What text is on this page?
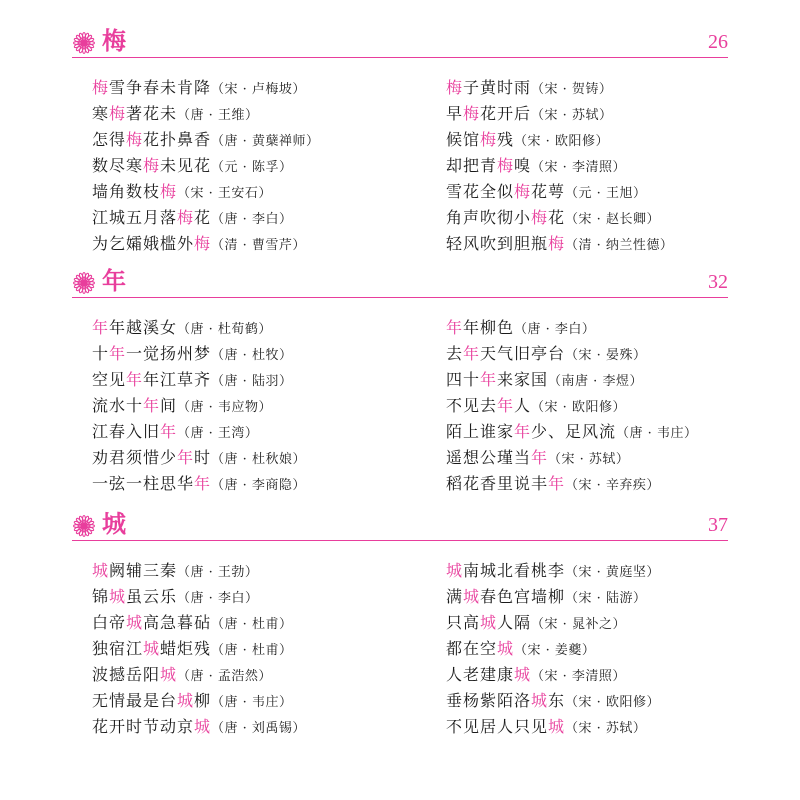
梅	26
梅雪争春未肯降（宋 · 卢梅坡）
寒梅著花未（唐 · 王维）
怎得梅花扑鼻香（唐 · 黄蘖禅师）
数尽寒梅未见花（元 · 陈孚）
墙角数枝梅（宋 · 王安石）
江城五月落梅花（唐 · 李白）
为乞孀娥槛外梅（清 · 曹雪芹）
梅子黄时雨（宋 · 贺铸）
早梅花开后（宋 · 苏轼）
候馆梅残（宋 · 欧阳修）
却把青梅嗅（宋 · 李清照）
雪花全似梅花萼（元 · 王旭）
角声吹彻小梅花（宋 · 赵长卿）
轻风吹到胆瓶梅（清 · 纳兰性德）
年	32
年年越溪女（唐 · 杜荀鹤）
十年一觉扬州梦（唐 · 杜牧）
空见年年江草齐（唐 · 陆羽）
流水十年间（唐 · 韦应物）
江春入旧年（唐 · 王湾）
劝君须惜少年时（唐 · 杜秋娘）
一弦一柱思华年（唐 · 李商隐）
年年柳色（唐 · 李白）
去年天气旧亭台（宋 · 晏殊）
四十年来家国（南唐 · 李煜）
不见去年人（宋 · 欧阳修）
陌上谁家年少、足风流（唐 · 韦庄）
遥想公瑾当年（宋 · 苏轼）
稻花香里说丰年（宋 · 辛弃疾）
城	37
城阙辅三秦（唐 · 王勃）
锦城虽云乐（唐 · 李白）
白帝城高急暮砧（唐 · 杜甫）
独宿江城蜡炬残（唐 · 杜甫）
波撼岳阳城（唐 · 孟浩然）
无情最是台城柳（唐 · 韦庄）
花开时节动京城（唐 · 刘禹锡）
城南城北看桃李（宋 · 黄庭坚）
满城春色宫墙柳（宋 · 陆游）
只高城人隔（宋 · 晁补之）
都在空城（宋 · 姜夔）
人老建康城（宋 · 李清照）
垂杨紫陌洛城东（宋 · 欧阳修）
不见居人只见城（宋 · 苏轼）
